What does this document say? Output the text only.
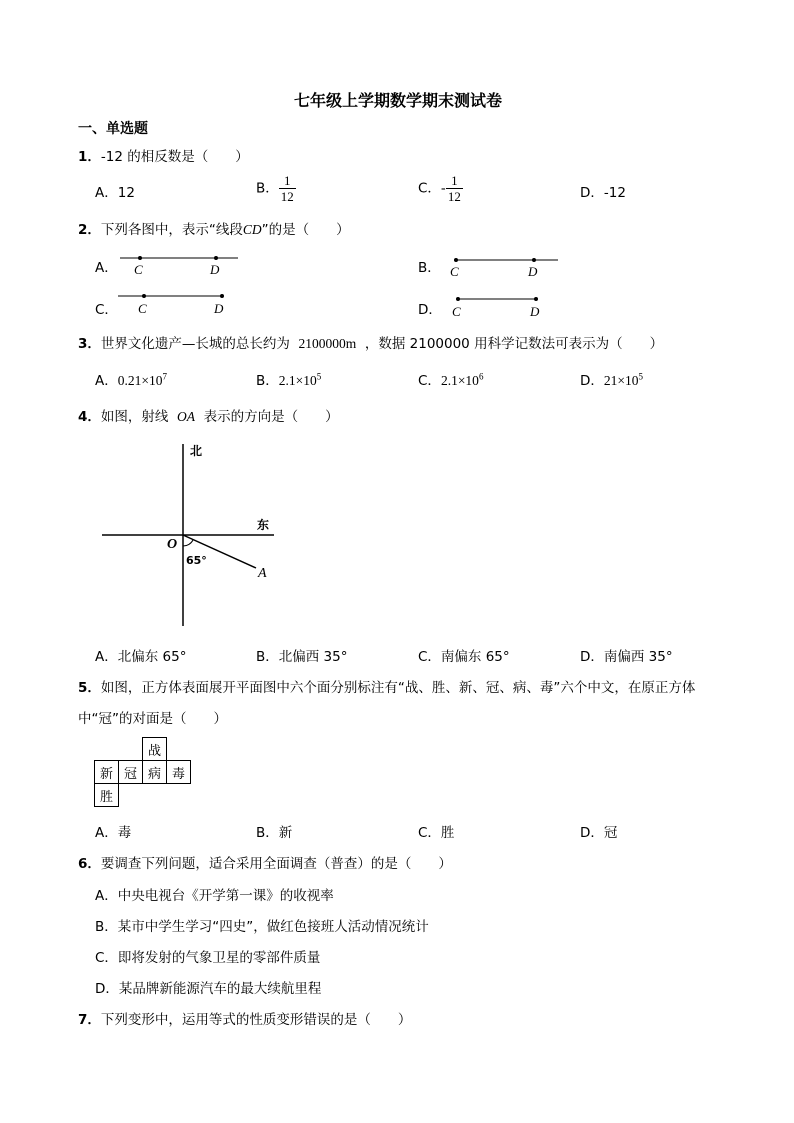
七年级上学期数学期末测试卷
一、单选题
1．-12 的相反数是（　　）
A．12	B． $\frac{1}{12}$	C．- $\frac{1}{12}$	D．-12
2．下列各图中，表示“线段CD”的是（　　）
A． C	D	B． C	D
C． C	D	D． C	D
3．世界文化遗产—长城的总长约为 2100000m ，数据 2100000 用科学记数法可表示为（　　）
A．$0.21\times 10^7$	B．$2.1\times 10^5$	C．$2.1\times 10^6$	D．$21\times 10^5$
4．如图，射线 OA 表示的方向是（　　）
北
东
O
65°
A
A．北偏东 65°	B．北偏西 35°	C．南偏东 65°	D．南偏西 35°
5．如图，正方体表面展开平面图中六个面分别标注有“战、胜、新、冠、病、毒”六个中文，在原正方体
中“冠”的对面是（　　）
		战	
新	冠	病	毒
胜			
A．毒	B．新	C．胜	D．冠
6．要调查下列问题，适合采用全面调查（普查）的是（　　）
A．中央电视台《开学第一课》的收视率
B．某市中学生学习“四史”，做红色接班人活动情况统计
C．即将发射的气象卫星的零部件质量
D．某品牌新能源汽车的最大续航里程
7．下列变形中，运用等式的性质变形错误的是（　　）
